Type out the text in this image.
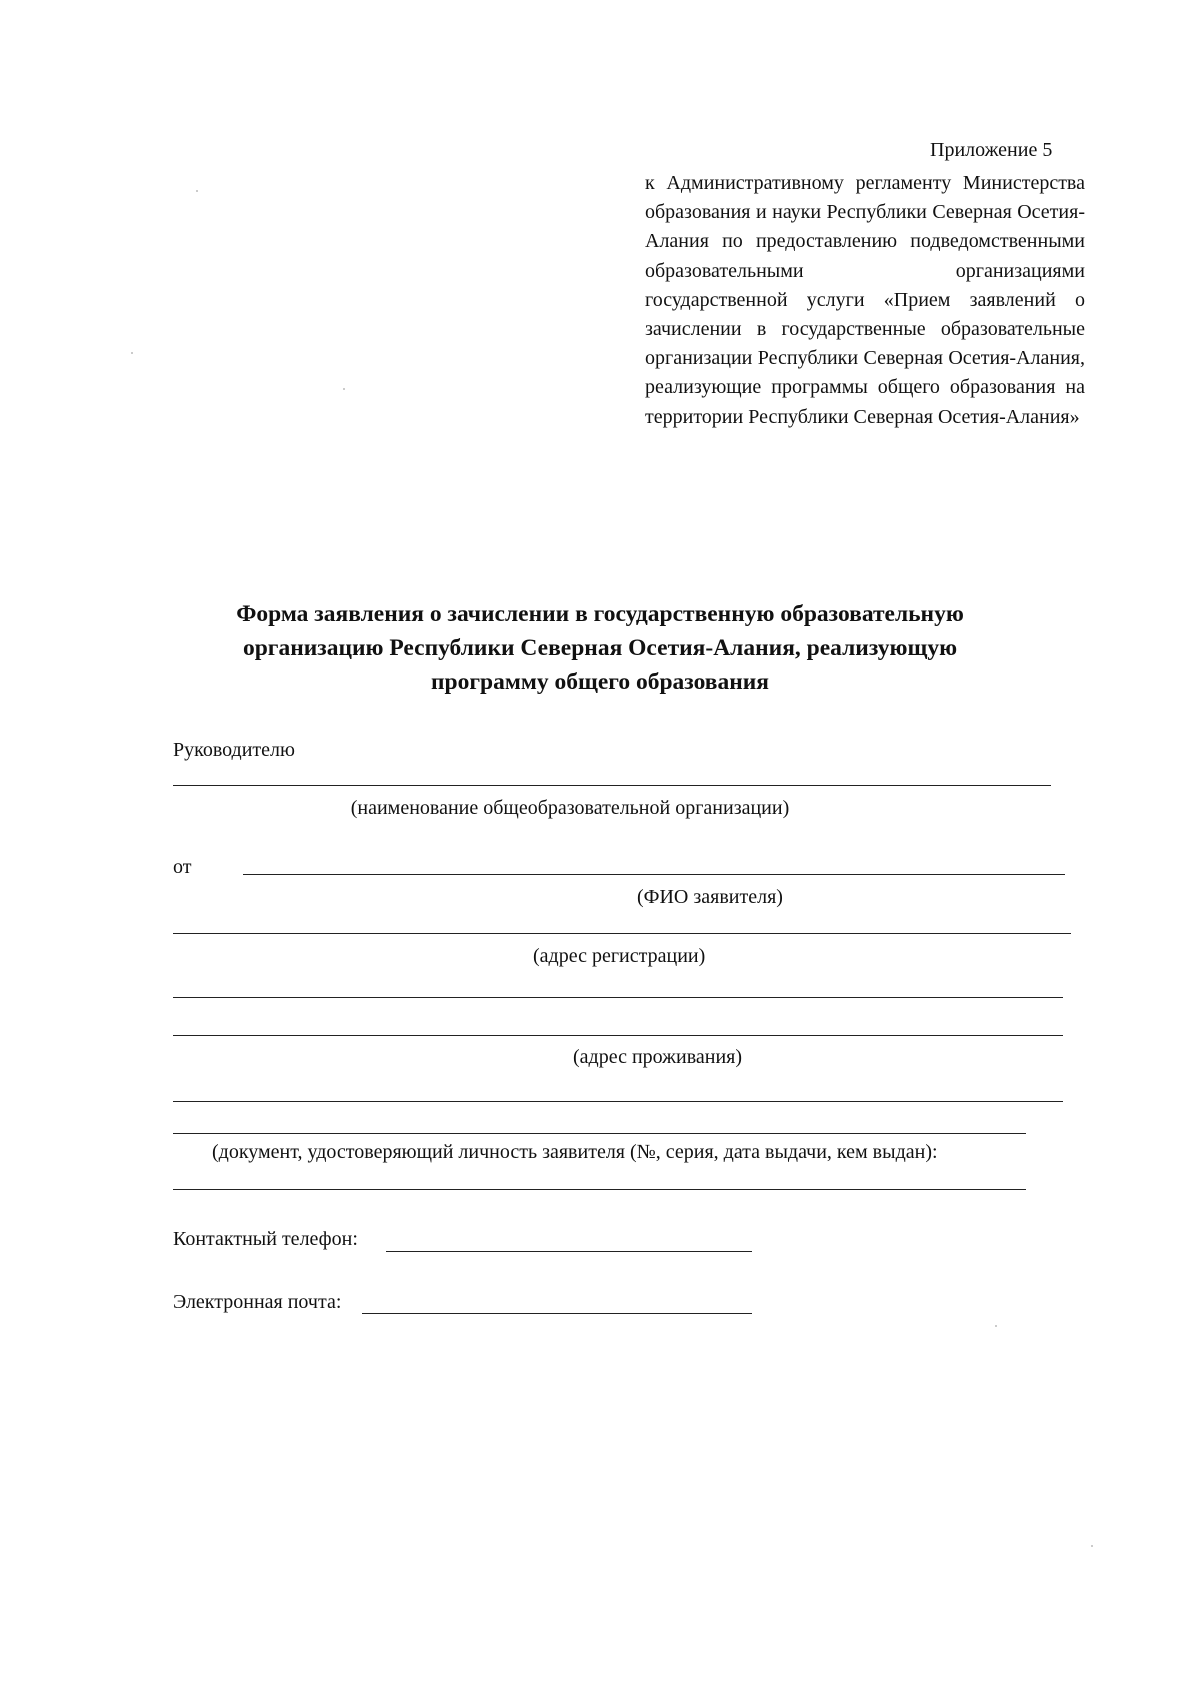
Приложение 5
к Административному регламенту Министерства образования и науки Республики Северная Осетия-Алания по предоставлению подведомственными образовательными организациями государственной услуги «Прием заявлений о зачислении в государственные образовательные организации Республики Северная Осетия-Алания, реализующие программы общего образования на территории Республики Северная Осетия-Алания»
Форма заявления о зачислении в государственную образовательную
организацию Республики Северная Осетия-Алания, реализующую
программу общего образования
Руководителю
(наименование общеобразовательной организации)
от
(ФИО заявителя)
(адрес регистрации)
(адрес проживания)
(документ, удостоверяющий личность заявителя (№, серия, дата выдачи, кем выдан):
Контактный телефон:
Электронная почта:
